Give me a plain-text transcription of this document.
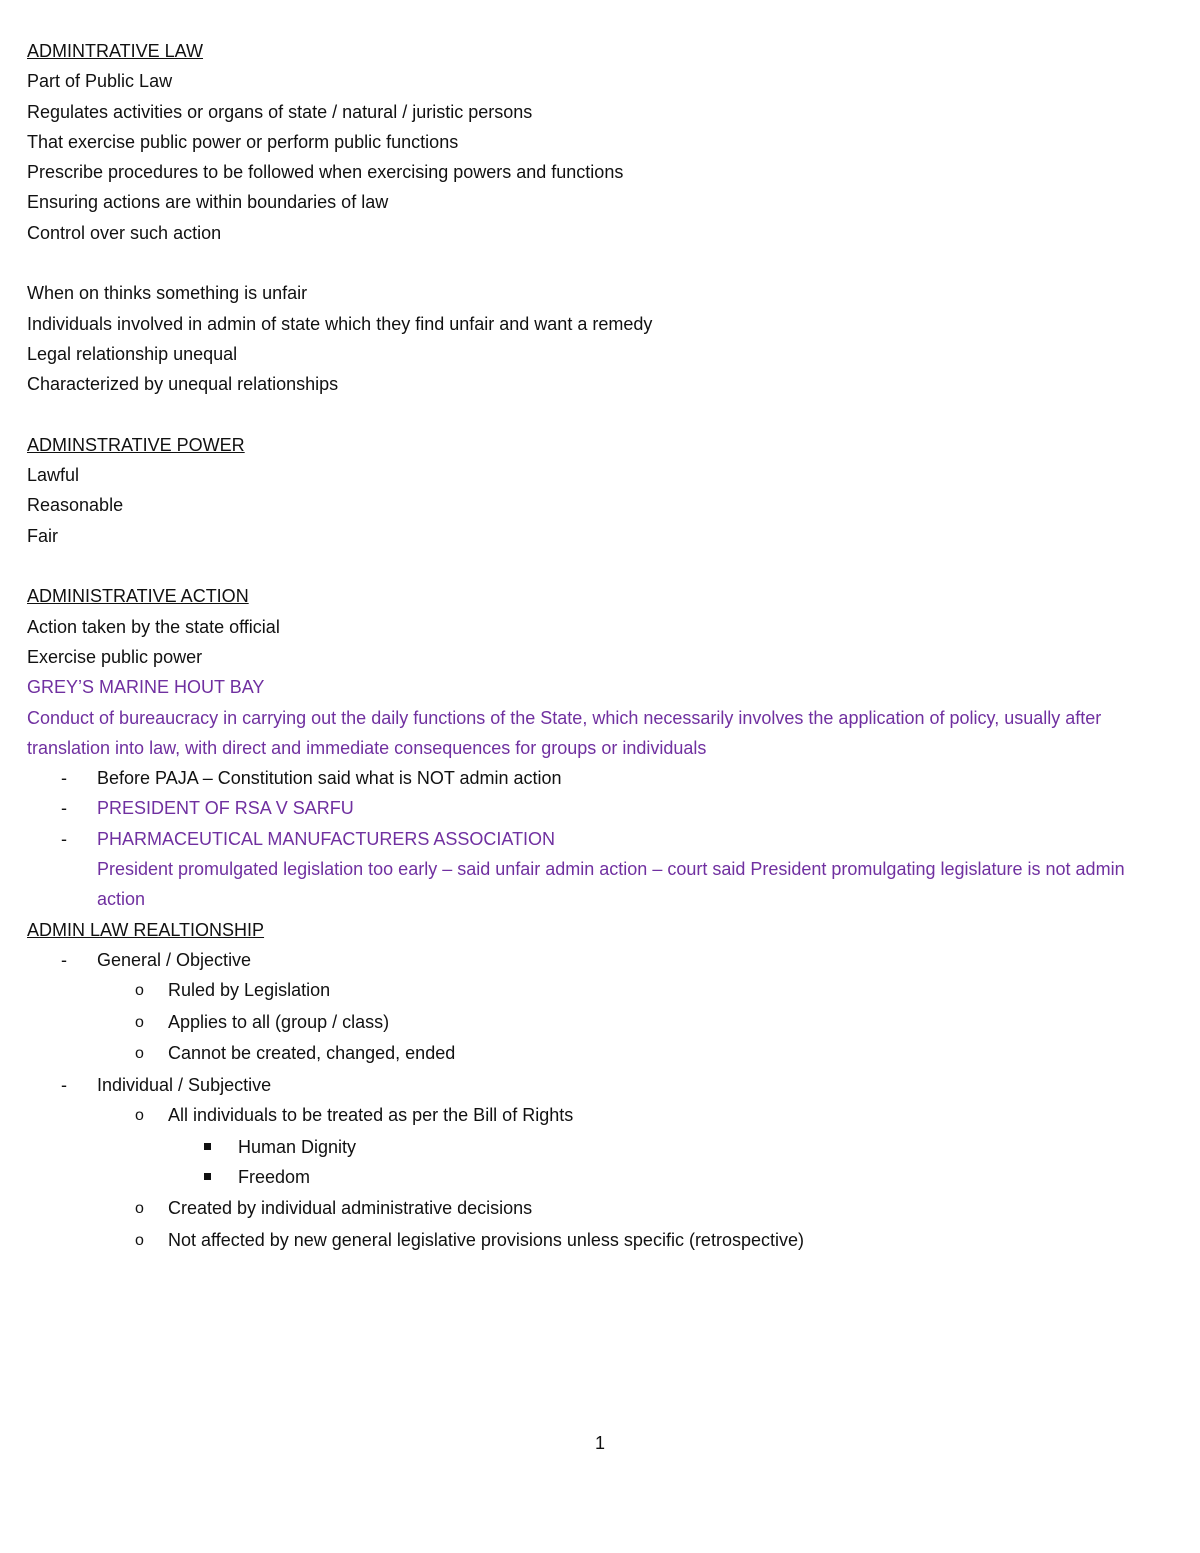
ADMINTRATIVE LAW
Part of Public Law
Regulates activities or organs of state / natural / juristic persons
That exercise public power or perform public functions
Prescribe procedures to be followed when exercising powers and functions
Ensuring actions are within boundaries of law
Control over such action
When on thinks something is unfair
Individuals involved in admin of state which they find unfair and want a remedy
Legal relationship unequal
Characterized by unequal relationships
ADMINSTRATIVE POWER
Lawful
Reasonable
Fair
ADMINISTRATIVE ACTION
Action taken by the state official
Exercise public power
GREY’S MARINE HOUT BAY
Conduct of bureaucracy in carrying out the daily functions of the State, which necessarily involves the application of policy, usually after translation into law, with direct and immediate consequences for groups or individuals
- Before PAJA – Constitution said what is NOT admin action
- PRESIDENT OF RSA V SARFU
- PHARMACEUTICAL MANUFACTURERS ASSOCIATION
President promulgated legislation too early – said unfair admin action – court said President promulgating legislature is not admin action
ADMIN LAW REALTIONSHIP
- General / Objective
o Ruled by Legislation
o Applies to all (group / class)
o Cannot be created, changed, ended
- Individual / Subjective
o All individuals to be treated as per the Bill of Rights
Human Dignity
Freedom
o Created by individual administrative decisions
o Not affected by new general legislative provisions unless specific (retrospective)
1
